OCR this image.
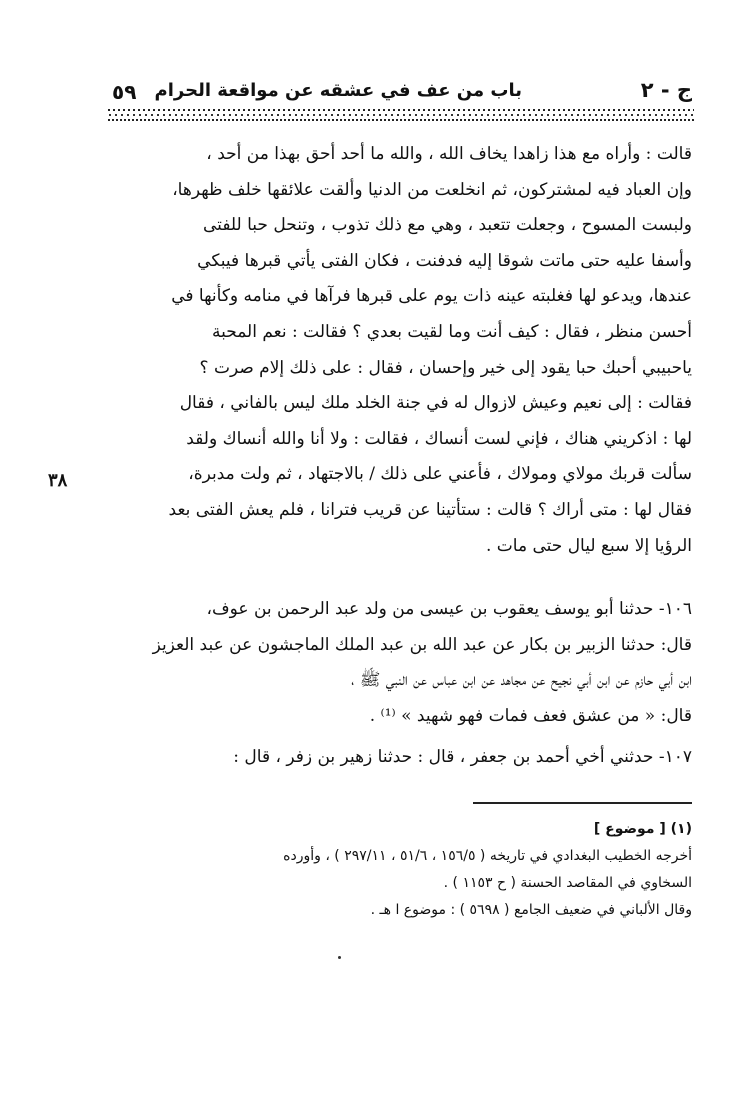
ج - ٢
باب من عف في عشقه عن مواقعة الحرام
٥٩

قالت : وأراه مع هذا زاهدا يخاف الله ، والله ما أحد أحق بهذا من أحد ،
وإن العباد فيه لمشتركون، ثم انخلعت من الدنيا وألقت علائقها خلف ظهرها،
ولبست المسوح ، وجعلت تتعبد ، وهي مع ذلك تذوب ، وتنحل حبا للفتى
وأسفا عليه حتى ماتت شوقا إليه فدفنت ، فكان الفتى يأتي قبرها فيبكي
عندها، ويدعو لها فغلبته عينه ذات يوم على قبرها فرآها في منامه وكأنها في
أحسن منظر ، فقال : كيف أنت وما لقيت بعدي ؟ فقالت : نعم المحبة
ياحبيبي أحبك حبا يقود إلى خير وإحسان ، فقال : على ذلك إلام صرت ؟
فقالت : إلى نعيم وعيش لازوال له في جنة الخلد ملك ليس بالفاني ، فقال
لها : اذكريني هناك ، فإني لست أنساك ، فقالت : ولا أنا والله أنساك ولقد
سألت قربك مولاي ومولاك ، فأعني على ذلك / بالاجتهاد ، ثم ولت مدبرة،
فقال لها : متى أراك ؟ قالت : ستأتينا عن قريب فترانا ، فلم يعش الفتى بعد
الرؤيا إلا سبع ليال حتى مات .

٣٨

١٠٦- حدثنا أبو يوسف يعقوب بن عيسى من ولد عبد الرحمن بن عوف،
قال: حدثنا الزبير بن بكار عن عبد الله بن عبد الملك الماجشون عن عبد العزيز
ابن أبي حازم عن ابن أبي نجيح عن مجاهد عن ابن عباس عن النبي ﷺ ،
قال: « من عشق فعف فمات فهو شهيد » ⁽¹⁾ .

١٠٧- حدثني أخي أحمد بن جعفر ، قال : حدثنا زهير بن زفر ، قال :

(١) [ موضوع ]
أخرجه الخطيب البغدادي في تاريخه ( ١٥٦/٥ ، ٥١/٦ ، ٢٩٧/١١ ) ، وأورده
السخاوي في المقاصد الحسنة ( ح ١١٥٣ ) .
وقال الألباني في ضعيف الجامع ( ٥٦٩٨ ) : موضوع ا هـ .
